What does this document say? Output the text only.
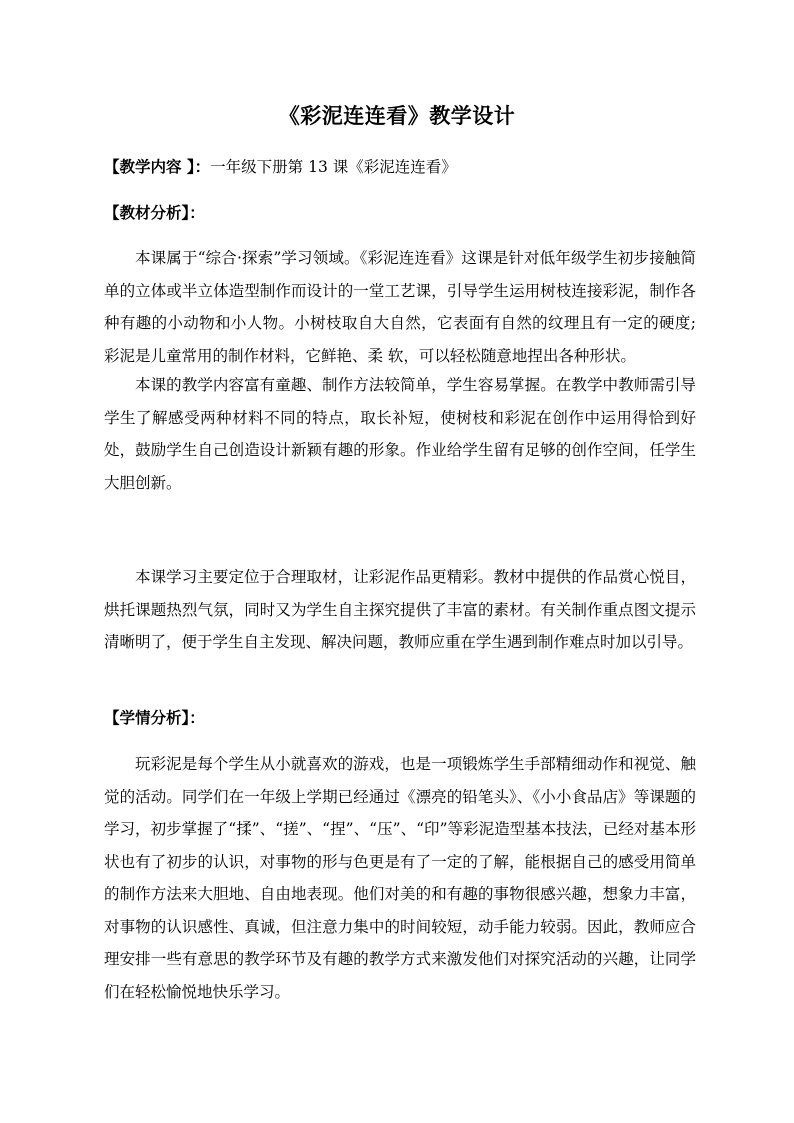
《彩泥连连看》教学设计

【教学内容 】：一年级下册第 13 课《彩泥连连看》

【教材分析】：

本课属于“综合·探索”学习领域。《彩泥连连看》这课是针对低年级学生初步接触简单的立体或半立体造型制作而设计的一堂工艺课，引导学生运用树枝连接彩泥，制作各种有趣的小动物和小人物。小树枝取自大自然，它表面有自然的纹理且有一定的硬度; 彩泥是儿童常用的制作材料，它鲜艳、柔 软，可以轻松随意地捏出各种形状。

本课的教学内容富有童趣、制作方法较简单，学生容易掌握。在教学中教师需引导学生了解感受两种材料不同的特点，取长补短，使树枝和彩泥在创作中运用得恰到好处，鼓励学生自己创造设计新颖有趣的形象。作业给学生留有足够的创作空间，任学生大胆创新。

本课学习主要定位于合理取材，让彩泥作品更精彩。教材中提供的作品赏心悦目，烘托课题热烈气氛，同时又为学生自主探究提供了丰富的素材。有关制作重点图文提示清晰明了，便于学生自主发现、解决问题，教师应重在学生遇到制作难点时加以引导。

【学情分析】：

玩彩泥是每个学生从小就喜欢的游戏，也是一项锻炼学生手部精细动作和视觉、触觉的活动。同学们在一年级上学期已经通过《漂亮的铅笔头》、《小小食品店》等课题的学习，初步掌握了“揉”、“搓”、“捏”、“压”、“印”等彩泥造型基本技法，已经对基本形状也有了初步的认识，对事物的形与色更是有了一定的了解，能根据自己的感受用简单的制作方法来大胆地、自由地表现。他们对美的和有趣的事物很感兴趣，想象力丰富，对事物的认识感性、真诚，但注意力集中的时间较短，动手能力较弱。因此，教师应合理安排一些有意思的教学环节及有趣的教学方式来激发他们对探究活动的兴趣，让同学们在轻松愉悦地快乐学习。
